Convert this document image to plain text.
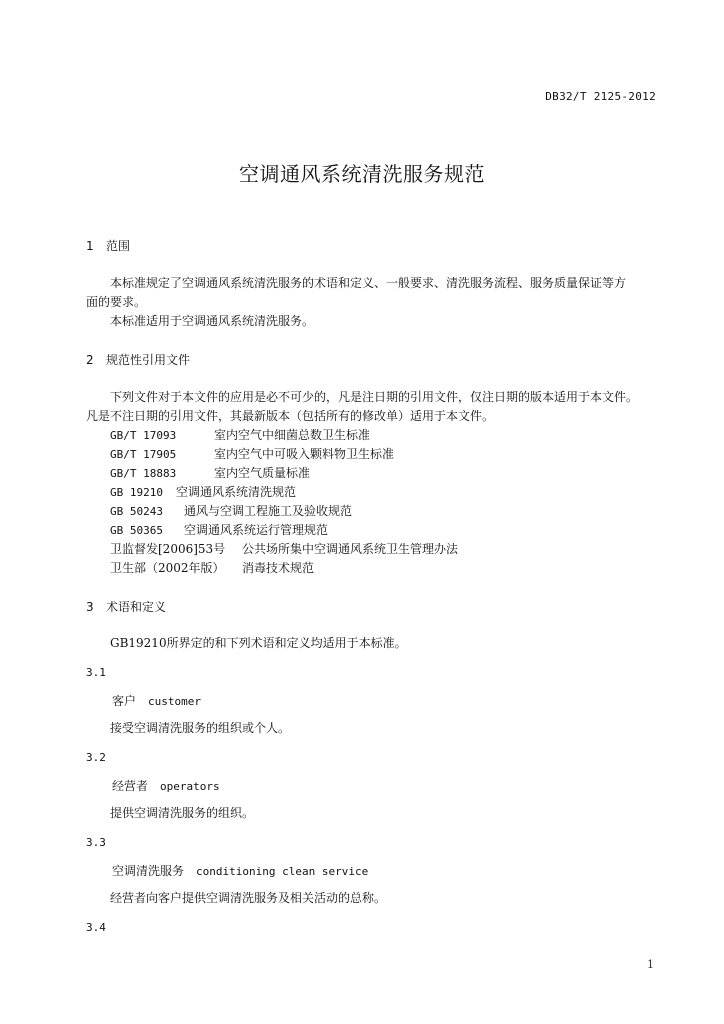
DB32/T 2125-2012
空调通风系统清洗服务规范
1 范围
本标准规定了空调通风系统清洗服务的术语和定义、一般要求、清洗服务流程、服务质量保证等方
面的要求。
本标准适用于空调通风系统清洗服务。
2 规范性引用文件
下列文件对于本文件的应用是必不可少的，凡是注日期的引用文件，仅注日期的版本适用于本文件。
凡是不注日期的引用文件，其最新版本（包括所有的修改单）适用于本文件。
GB/T 17093	室内空气中细菌总数卫生标准
GB/T 17905	室内空气中可吸入颗料物卫生标准
GB/T 18883	室内空气质量标准
GB 19210 空调通风系统清洗规范
GB 50243 通风与空调工程施工及验收规范
GB 50365 空调通风系统运行管理规范
卫监督发[2006]53号 公共场所集中空调通风系统卫生管理办法
卫生部（2002年版） 消毒技术规范
3 术语和定义
GB19210所界定的和下列术语和定义均适用于本标准。
3.1
客户 customer
接受空调清洗服务的组织或个人。
3.2
经营者 operators
提供空调清洗服务的组织。
3.3
空调清洗服务 conditioning clean service
经营者向客户提供空调清洗服务及相关活动的总称。
3.4
1
